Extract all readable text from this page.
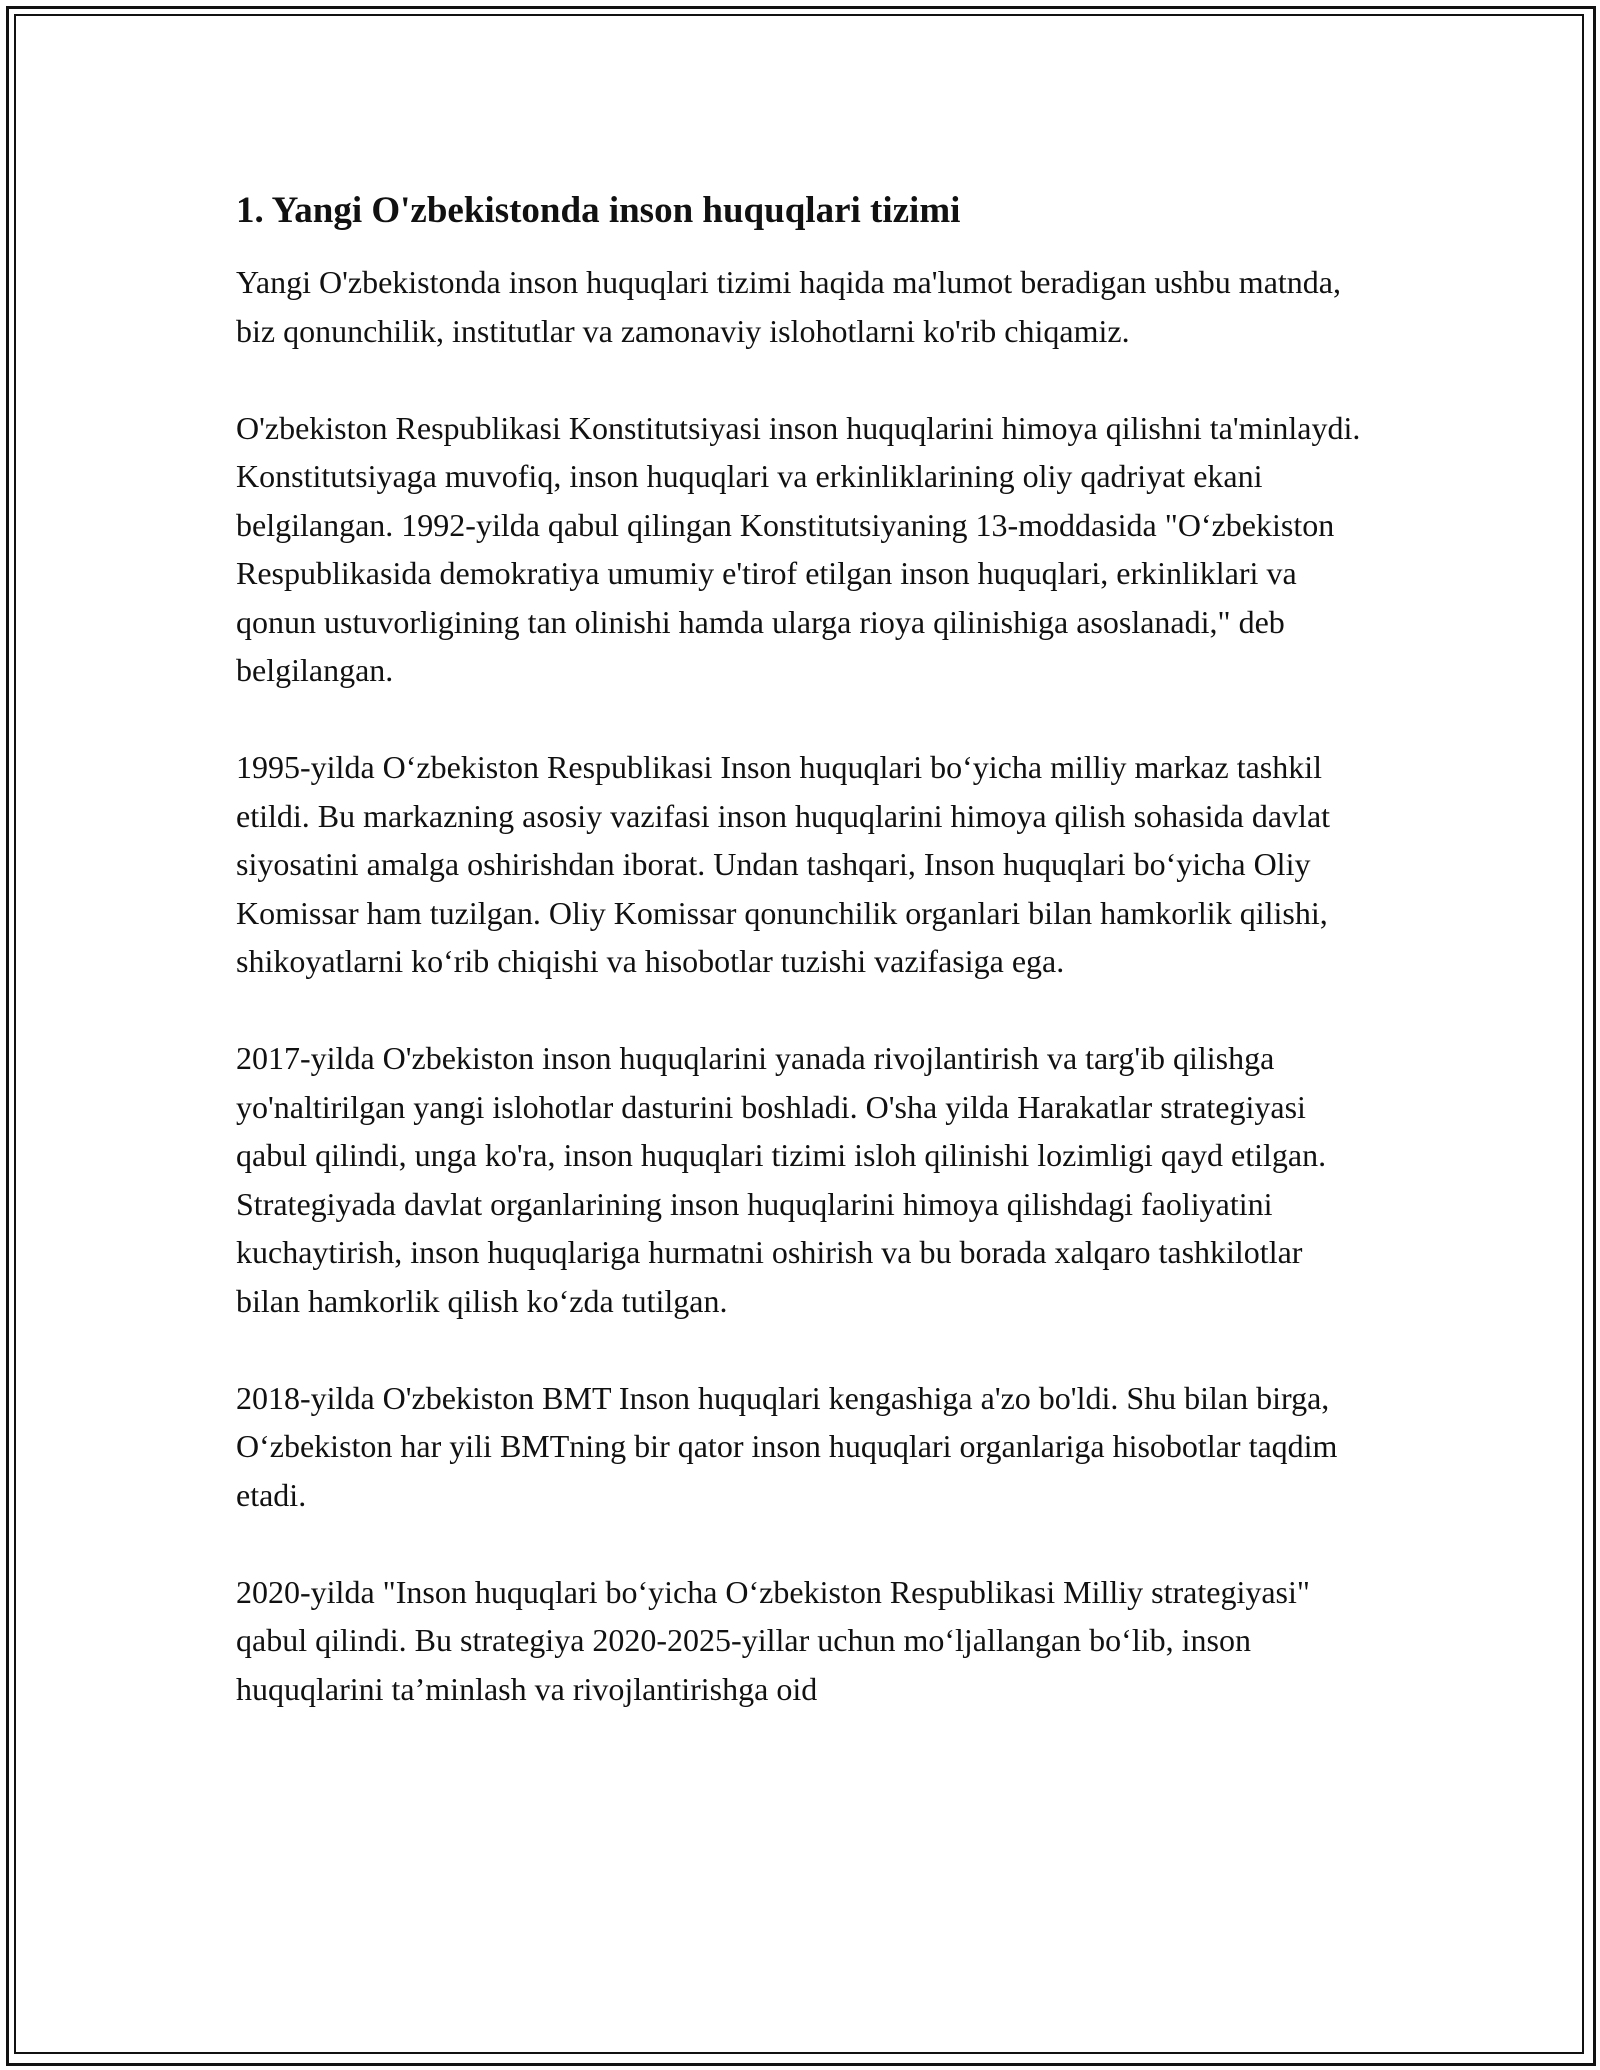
1. Yangi O'zbekistonda inson huquqlari tizimi

Yangi O'zbekistonda inson huquqlari tizimi haqida ma'lumot beradigan ushbu matnda, biz qonunchilik, institutlar va zamonaviy islohotlarni ko'rib chiqamiz.

O'zbekiston Respublikasi Konstitutsiyasi inson huquqlarini himoya qilishni ta'minlaydi. Konstitutsiyaga muvofiq, inson huquqlari va erkinliklarining oliy qadriyat ekani belgilangan. 1992-yilda qabul qilingan Konstitutsiyaning 13-moddasida "Oʻzbekiston Respublikasida demokratiya umumiy e'tirof etilgan inson huquqlari, erkinliklari va qonun ustuvorligining tan olinishi hamda ularga rioya qilinishiga asoslanadi," deb belgilangan.

1995-yilda Oʻzbekiston Respublikasi Inson huquqlari boʻyicha milliy markaz tashkil etildi. Bu markazning asosiy vazifasi inson huquqlarini himoya qilish sohasida davlat siyosatini amalga oshirishdan iborat. Undan tashqari, Inson huquqlari boʻyicha Oliy Komissar ham tuzilgan. Oliy Komissar qonunchilik organlari bilan hamkorlik qilishi, shikoyatlarni koʻrib chiqishi va hisobotlar tuzishi vazifasiga ega.

2017-yilda O'zbekiston inson huquqlarini yanada rivojlantirish va targ'ib qilishga yo'naltirilgan yangi islohotlar dasturini boshladi. O'sha yilda Harakatlar strategiyasi qabul qilindi, unga ko'ra, inson huquqlari tizimi isloh qilinishi lozimligi qayd etilgan. Strategiyada davlat organlarining inson huquqlarini himoya qilishdagi faoliyatini kuchaytirish, inson huquqlariga hurmatni oshirish va bu borada xalqaro tashkilotlar bilan hamkorlik qilish koʻzda tutilgan.

2018-yilda O'zbekiston BMT Inson huquqlari kengashiga a'zo bo'ldi. Shu bilan birga, Oʻzbekiston har yili BMTning bir qator inson huquqlari organlariga hisobotlar taqdim etadi.

2020-yilda "Inson huquqlari boʻyicha Oʻzbekiston Respublikasi Milliy strategiyasi" qabul qilindi. Bu strategiya 2020-2025-yillar uchun moʻljallangan boʻlib, inson huquqlarini taʼminlash va rivojlantirishga oid
